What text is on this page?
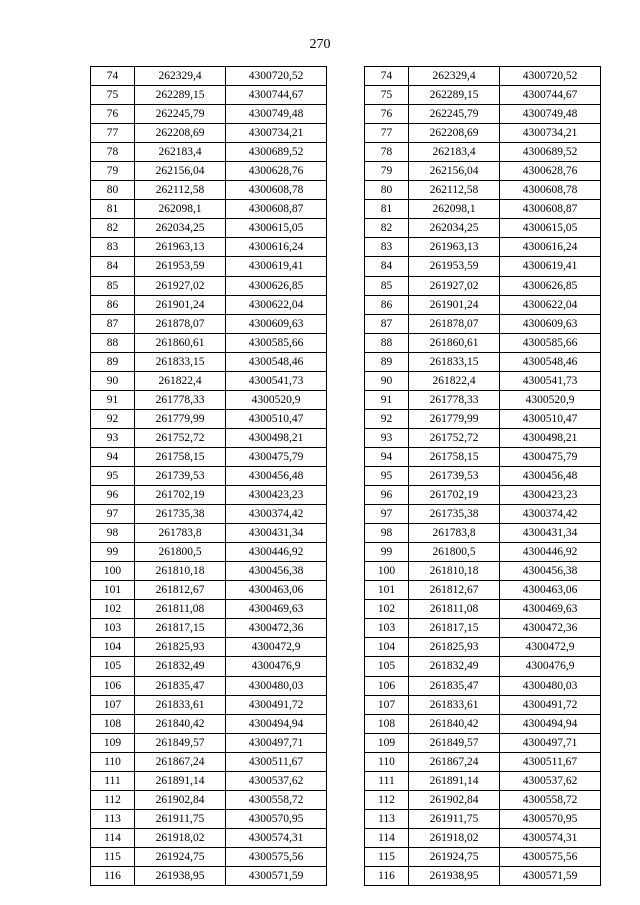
270
74	262329,4	4300720,52
75	262289,15	4300744,67
76	262245,79	4300749,48
77	262208,69	4300734,21
78	262183,4	4300689,52
79	262156,04	4300628,76
80	262112,58	4300608,78
81	262098,1	4300608,87
82	262034,25	4300615,05
83	261963,13	4300616,24
84	261953,59	4300619,41
85	261927,02	4300626,85
86	261901,24	4300622,04
87	261878,07	4300609,63
88	261860,61	4300585,66
89	261833,15	4300548,46
90	261822,4	4300541,73
91	261778,33	4300520,9
92	261779,99	4300510,47
93	261752,72	4300498,21
94	261758,15	4300475,79
95	261739,53	4300456,48
96	261702,19	4300423,23
97	261735,38	4300374,42
98	261783,8	4300431,34
99	261800,5	4300446,92
100	261810,18	4300456,38
101	261812,67	4300463,06
102	261811,08	4300469,63
103	261817,15	4300472,36
104	261825,93	4300472,9
105	261832,49	4300476,9
106	261835,47	4300480,03
107	261833,61	4300491,72
108	261840,42	4300494,94
109	261849,57	4300497,71
110	261867,24	4300511,67
111	261891,14	4300537,62
112	261902,84	4300558,72
113	261911,75	4300570,95
114	261918,02	4300574,31
115	261924,75	4300575,56
116	261938,95	4300571,59
74	262329,4	4300720,52
75	262289,15	4300744,67
76	262245,79	4300749,48
77	262208,69	4300734,21
78	262183,4	4300689,52
79	262156,04	4300628,76
80	262112,58	4300608,78
81	262098,1	4300608,87
82	262034,25	4300615,05
83	261963,13	4300616,24
84	261953,59	4300619,41
85	261927,02	4300626,85
86	261901,24	4300622,04
87	261878,07	4300609,63
88	261860,61	4300585,66
89	261833,15	4300548,46
90	261822,4	4300541,73
91	261778,33	4300520,9
92	261779,99	4300510,47
93	261752,72	4300498,21
94	261758,15	4300475,79
95	261739,53	4300456,48
96	261702,19	4300423,23
97	261735,38	4300374,42
98	261783,8	4300431,34
99	261800,5	4300446,92
100	261810,18	4300456,38
101	261812,67	4300463,06
102	261811,08	4300469,63
103	261817,15	4300472,36
104	261825,93	4300472,9
105	261832,49	4300476,9
106	261835,47	4300480,03
107	261833,61	4300491,72
108	261840,42	4300494,94
109	261849,57	4300497,71
110	261867,24	4300511,67
111	261891,14	4300537,62
112	261902,84	4300558,72
113	261911,75	4300570,95
114	261918,02	4300574,31
115	261924,75	4300575,56
116	261938,95	4300571,59
